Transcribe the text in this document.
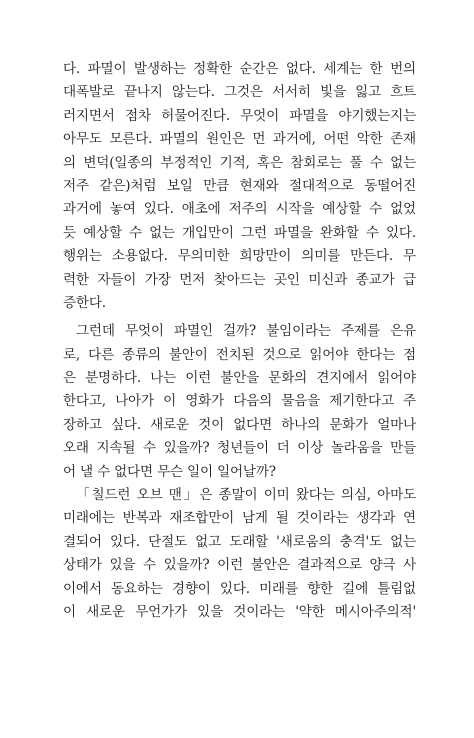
다. 파멸이 발생하는 정확한 순간은 없다. 세계는 한 번의
대폭발로 끝나지 않는다. 그것은 서서히 빛을 잃고 흐트
러지면서 점차 허물어진다. 무엇이 파멸을 야기했는지는
아무도 모른다. 파멸의 원인은 먼 과거에, 어떤 악한 존재
의 변덕(일종의 부정적인 기적, 혹은 참회로는 풀 수 없는
저주 같은)처럼 보일 만큼 현재와 절대적으로 동떨어진
과거에 놓여 있다. 애초에 저주의 시작을 예상할 수 없었
듯 예상할 수 없는 개입만이 그런 파멸을 완화할 수 있다.
행위는 소용없다. 무의미한 희망만이 의미를 만든다. 무
력한 자들이 가장 먼저 찾아드는 곳인 미신과 종교가 급
증한다.
그런데 무엇이 파멸인 걸까? 불임이라는 주제를 은유
로, 다른 종류의 불안이 전치된 것으로 읽어야 한다는 점
은 분명하다. 나는 이런 불안을 문화의 견지에서 읽어야
한다고, 나아가 이 영화가 다음의 물음을 제기한다고 주
장하고 싶다. 새로운 것이 없다면 하나의 문화가 얼마나
오래 지속될 수 있을까? 청년들이 더 이상 놀라움을 만들
어 낼 수 없다면 무슨 일이 일어날까?
「칠드런 오브 맨」은 종말이 이미 왔다는 의심, 아마도
미래에는 반복과 재조합만이 남게 될 것이라는 생각과 연
결되어 있다. 단절도 없고 도래할 '새로움의 충격'도 없는
상태가 있을 수 있을까? 이런 불안은 결과적으로 양극 사
이에서 동요하는 경향이 있다. 미래를 향한 길에 틀림없
이 새로운 무언가가 있을 것이라는 '약한 메시아주의적'
